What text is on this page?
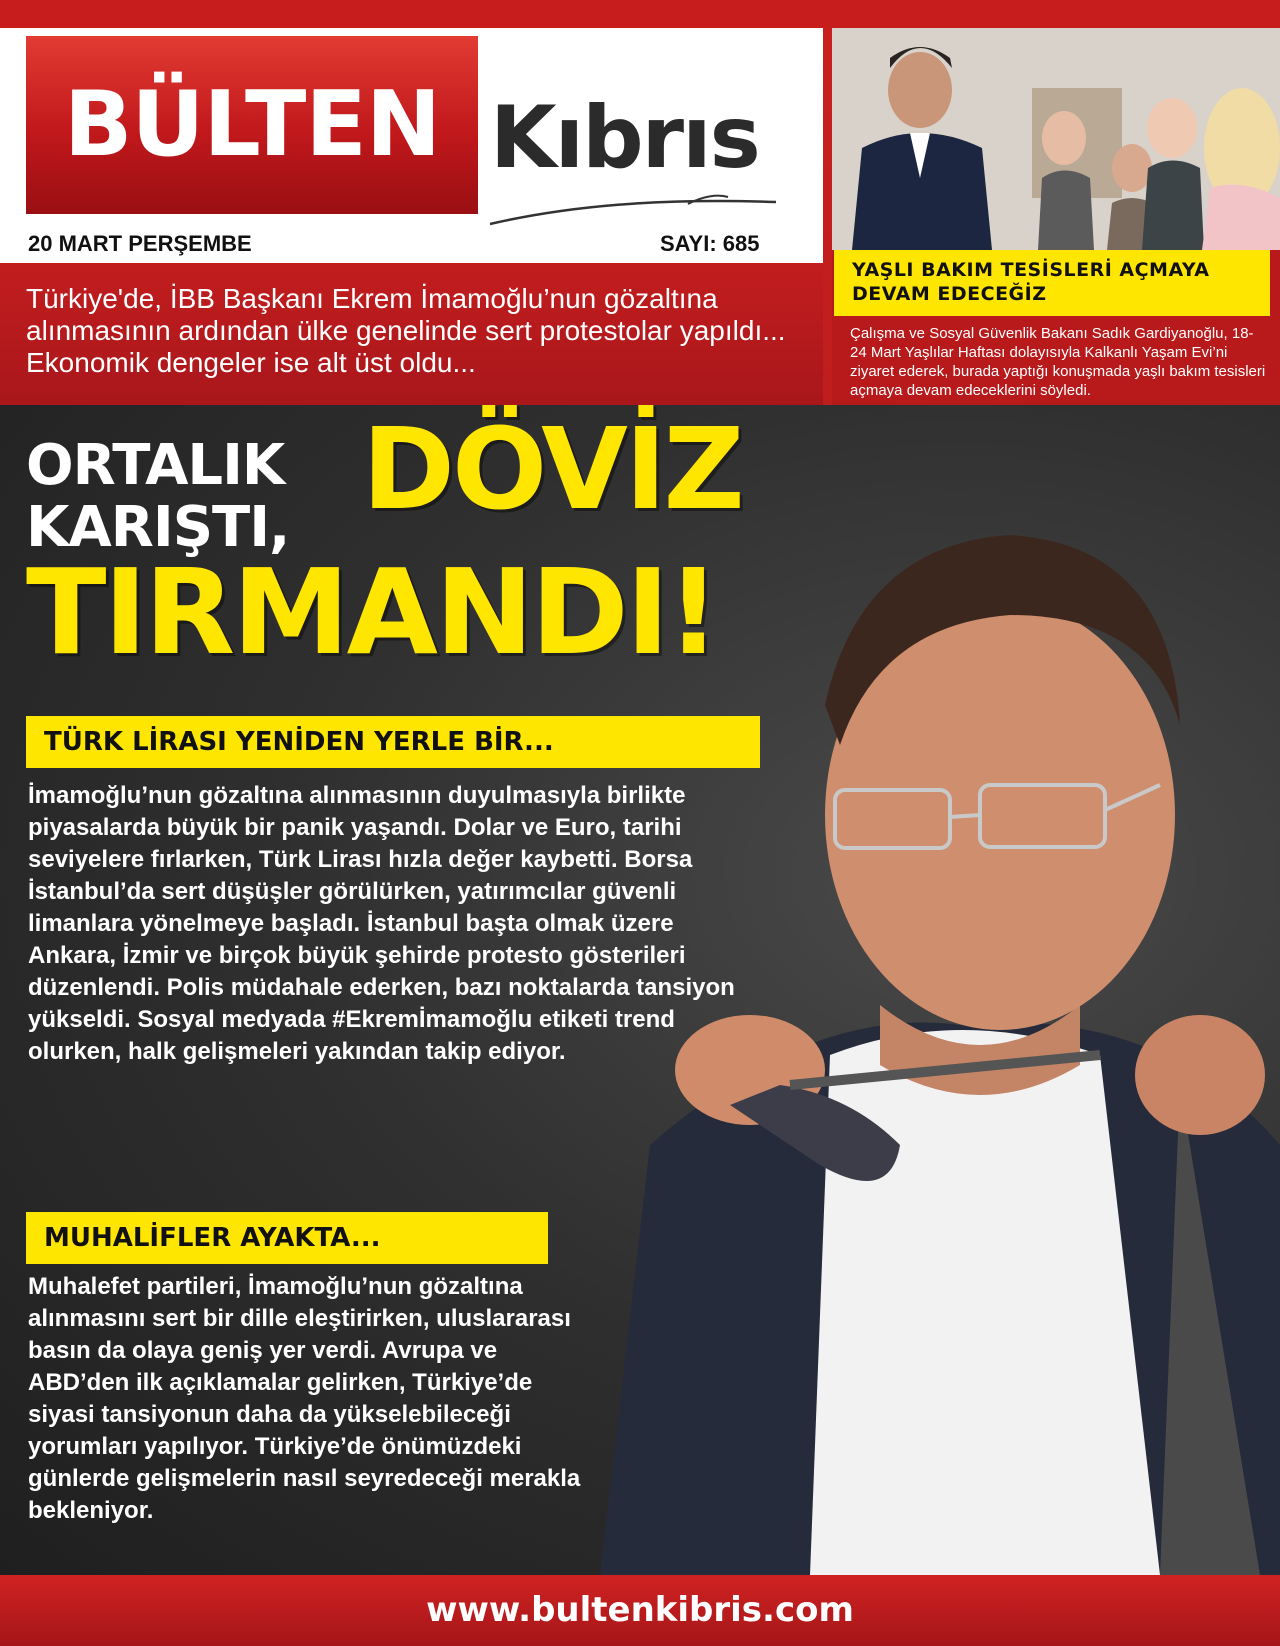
BÜLTEN Kıbrıs
20 MART PERŞEMBE	SAYI: 685

Türkiye'de, İBB Başkanı Ekrem İmamoğlu’nun gözaltına alınmasının ardından ülke genelinde sert protestolar yapıldı... Ekonomik dengeler ise alt üst oldu...

YAŞLI BAKIM TESİSLERİ AÇMAYA
DEVAM EDECEĞİZ

Çalışma ve Sosyal Güvenlik Bakanı Sadık Gardiyanoğlu, 18-24 Mart Yaşlılar Haftası dolayısıyla Kalkanlı Yaşam Evi’ni ziyaret ederek, burada yaptığı konuşmada yaşlı bakım tesisleri açmaya devam edeceklerini söyledi.

ORTALIK
KARIŞTI, DÖVİZ
TIRMANDI!
TÜRK LİRASI YENİDEN YERLE BİR...

İmamoğlu’nun gözaltına alınmasının duyulmasıyla birlikte piyasalarda büyük bir panik yaşandı. Dolar ve Euro, tarihi seviyelere fırlarken, Türk Lirası hızla değer kaybetti. Borsa İstanbul’da sert düşüşler görülürken, yatırımcılar güvenli limanlara yönelmeye başladı. İstanbul başta olmak üzere Ankara, İzmir ve birçok büyük şehirde protesto gösterileri düzenlendi. Polis müdahale ederken, bazı noktalarda tansiyon yükseldi. Sosyal medyada #Ekremİmamoğlu etiketi trend olurken, halk gelişmeleri yakından takip ediyor.

MUHALİFLER AYAKTA...

Muhalefet partileri, İmamoğlu’nun gözaltına alınmasını sert bir dille eleştirirken, uluslararası basın da olaya geniş yer verdi. Avrupa ve ABD’den ilk açıklamalar gelirken, Türkiye’de siyasi tansiyonun daha da yükselebileceği yorumları yapılıyor. Türkiye’de önümüzdeki günlerde gelişmelerin nasıl seyredeceği merakla bekleniyor.

www.bultenkibris.com
